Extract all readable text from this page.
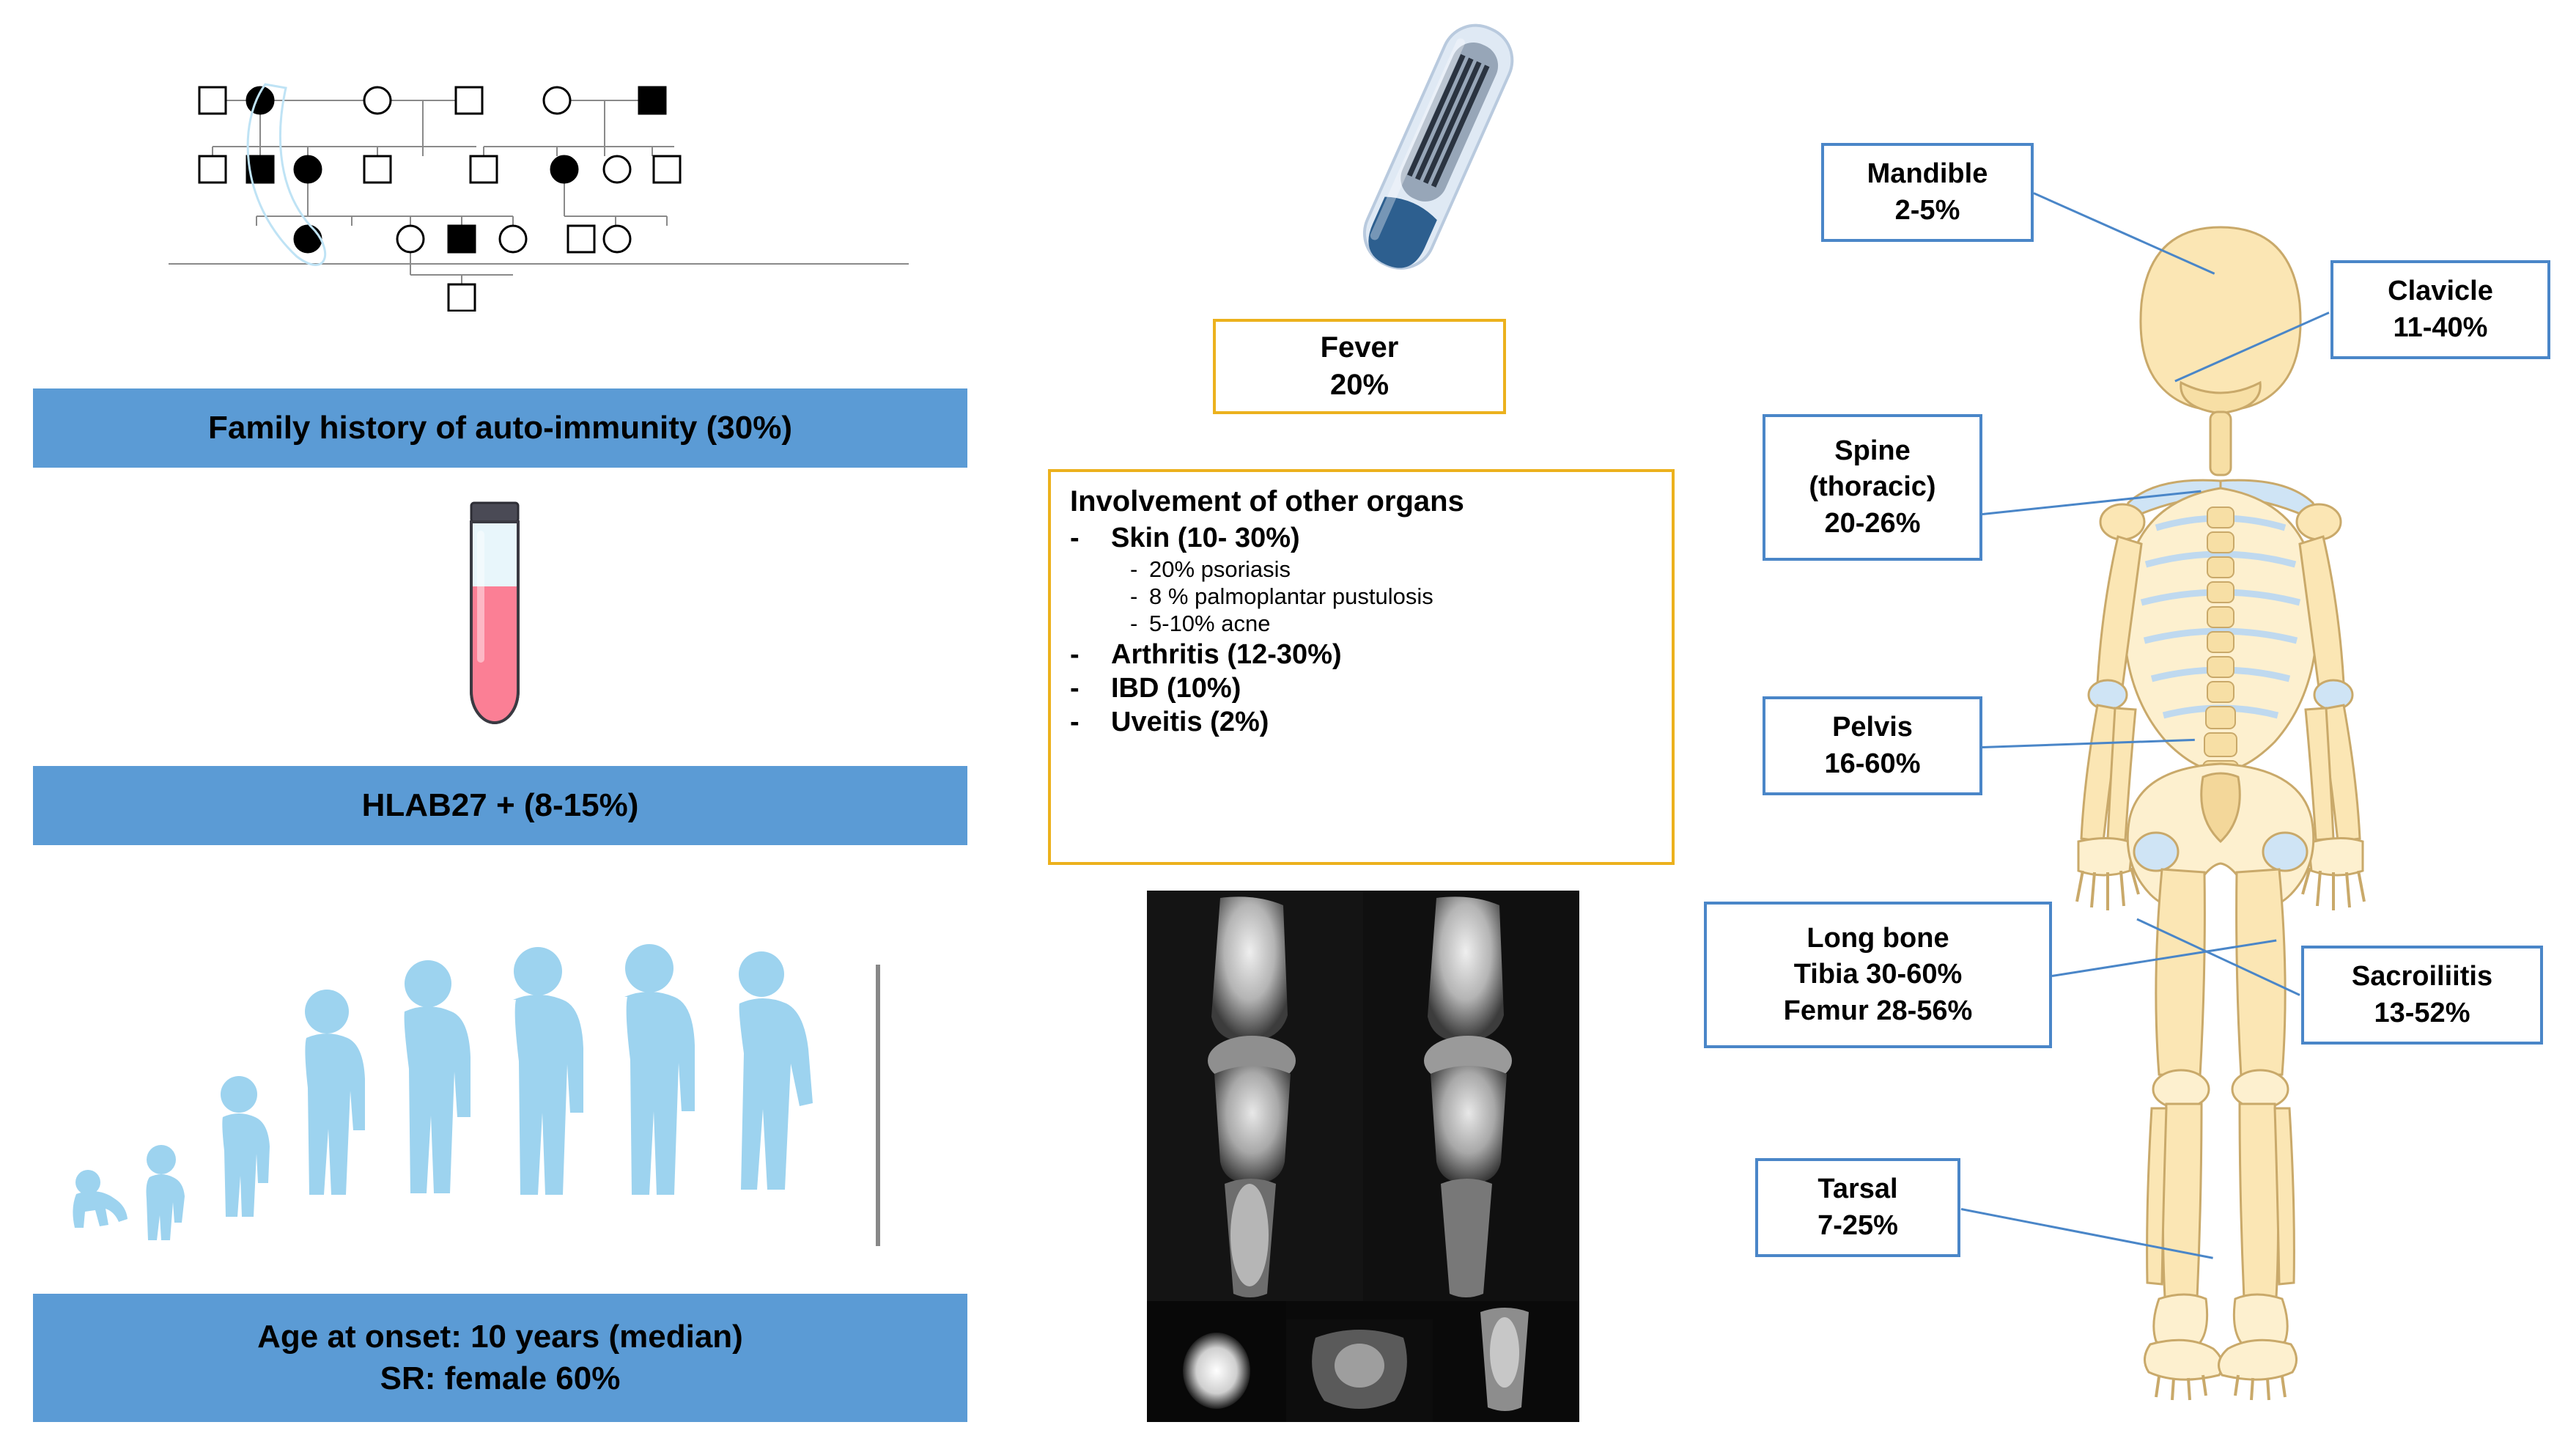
Family history of auto-immunity (30%)
HLAB27 + (8-15%)
Age at onset: 10 years (median)
SR: female 60%
Fever
20%
Involvement of other organs
-	Skin (10- 30%)
- 20% psoriasis
- 8 % palmoplantar pustulosis
- 5-10% acne
-	Arthritis (12-30%)
-	IBD (10%)
-	Uveitis (2%)
Mandible
2-5%
Clavicle
11-40%
Spine
(thoracic)
20-26%
Pelvis
16-60%
Long bone
Tibia 30-60%
Femur 28-56%
Sacroiliitis
13-52%
Tarsal
7-25%
